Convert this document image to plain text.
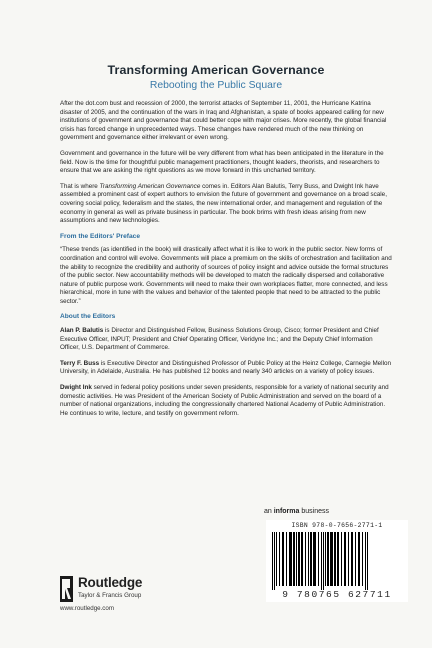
Transforming American Governance
Rebooting the Public Square

After the dot.com bust and recession of 2000, the terrorist attacks of September 11, 2001, the Hurricane Katrina disaster of 2005, and the continuation of the wars in Iraq and Afghanistan, a spate of books appeared calling for new institutions of government and governance that could better cope with major crises. More recently, the global financial crisis has forced change in unprecedented ways. These changes have rendered much of the new thinking on government and governance either irrelevant or even wrong.

Government and governance in the future will be very different from what has been anticipated in the literature in the field. Now is the time for thoughtful public management practitioners, thought leaders, theorists, and researchers to ensure that we are asking the right questions as we move forward in this uncharted territory.

That is where Transforming American Governance comes in. Editors Alan Balutis, Terry Buss, and Dwight Ink have assembled a prominent cast of expert authors to envision the future of government and governance on a broad scale, covering social policy, federalism and the states, the new international order, and management and regulation of the economy in general as well as private business in particular. The book brims with fresh ideas arising from new assumptions and new technologies.

From the Editors' Preface

“These trends (as identified in the book) will drastically affect what it is like to work in the public sector. New forms of coordination and control will evolve. Governments will place a premium on the skills of orchestration and facilitation and the ability to recognize the credibility and authority of sources of policy insight and advice outside the formal structures of the public sector. New accountability methods will be developed to match the radically dispersed and collaborative nature of public purpose work. Governments will need to make their own workplaces flatter, more connected, and less hierarchical, more in tune with the values and behavior of the talented people that need to be attracted to the public sector.”

About the Editors

Alan P. Balutis is Director and Distinguished Fellow, Business Solutions Group, Cisco; former President and Chief Executive Officer, INPUT; President and Chief Operating Officer, Veridyne Inc.; and the Deputy Chief Information Officer, U.S. Department of Commerce.

Terry F. Buss is Executive Director and Distinguished Professor of Public Policy at the Heinz College, Carnegie Mellon University, in Adelaide, Australia. He has published 12 books and nearly 340 articles on a variety of policy issues.

Dwight Ink served in federal policy positions under seven presidents, responsible for a variety of national security and domestic activities. He was President of the American Society of Public Administration and served on the board of a number of national organizations, including the congressionally chartered National Academy of Public Administration. He continues to write, lecture, and testify on government reform.

an informa business
ISBN 978-0-7656-2771-1
9 780765 627711
Routledge
Taylor & Francis Group
www.routledge.com
